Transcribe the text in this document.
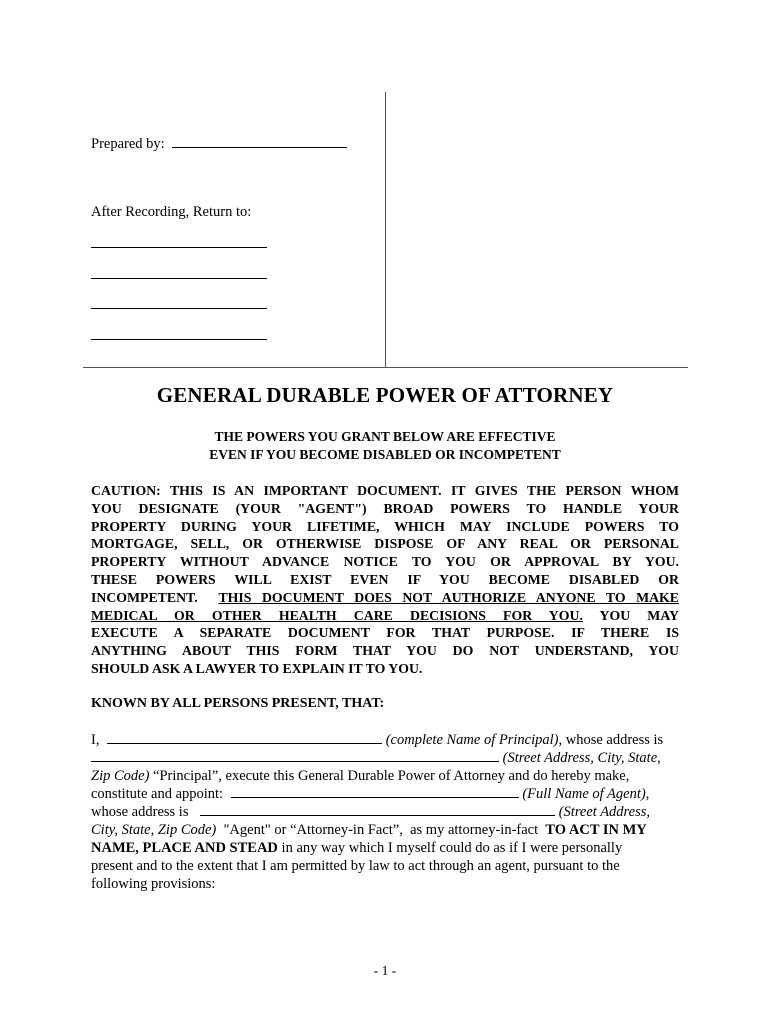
Prepared by:
After Recording, Return to:
GENERAL DURABLE POWER OF ATTORNEY
THE POWERS YOU GRANT BELOW ARE EFFECTIVE
EVEN IF YOU BECOME DISABLED OR INCOMPETENT
CAUTION: THIS IS AN IMPORTANT DOCUMENT. IT GIVES THE PERSON WHOM
YOU DESIGNATE (YOUR "AGENT") BROAD POWERS TO HANDLE YOUR
PROPERTY DURING YOUR LIFETIME, WHICH MAY INCLUDE POWERS TO
MORTGAGE, SELL, OR OTHERWISE DISPOSE OF ANY REAL OR PERSONAL
PROPERTY WITHOUT ADVANCE NOTICE TO YOU OR APPROVAL BY YOU.
THESE POWERS WILL EXIST EVEN IF YOU BECOME DISABLED OR
INCOMPETENT. THIS DOCUMENT DOES NOT AUTHORIZE ANYONE TO MAKE
MEDICAL OR OTHER HEALTH CARE DECISIONS FOR YOU. YOU MAY
EXECUTE A SEPARATE DOCUMENT FOR THAT PURPOSE. IF THERE IS
ANYTHING ABOUT THIS FORM THAT YOU DO NOT UNDERSTAND, YOU
SHOULD ASK A LAWYER TO EXPLAIN IT TO YOU.
KNOWN BY ALL PERSONS PRESENT, THAT:
I,	(complete Name of Principal), whose address is
(Street Address, City, State,
Zip Code) “Principal”, execute this General Durable Power of Attorney and do hereby make,
constitute and appoint:	(Full Name of Agent),
whose address is	(Street Address,
City, State, Zip Code)  "Agent" or “Attorney-in Fact”,  as my attorney-in-fact  TO ACT IN MY
NAME, PLACE AND STEAD in any way which I myself could do as if I were personally
present and to the extent that I am permitted by law to act through an agent, pursuant to the
following provisions:
- 1 -
